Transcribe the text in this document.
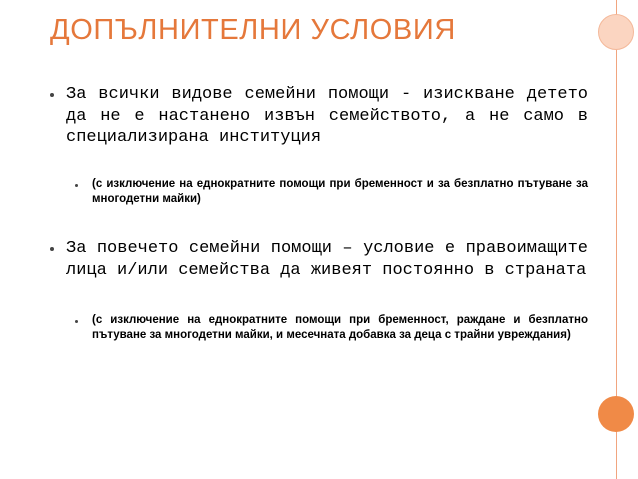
ДОПЪЛНИТЕЛНИ УСЛОВИЯ
За всички видове семейни помощи - изискване детето да не е настанено извън семейството, а не само в специализирана институция
(с изключение на еднократните помощи при бременност и за безплатно пътуване за многодетни майки)
За повечето семейни помощи – условие е правоимащите лица и/или семейства да живеят постоянно в страната
(с изключение на еднократните помощи при бременност, раждане и безплатно пътуване за многодетни майки, и месечната добавка за деца с трайни увреждания)
